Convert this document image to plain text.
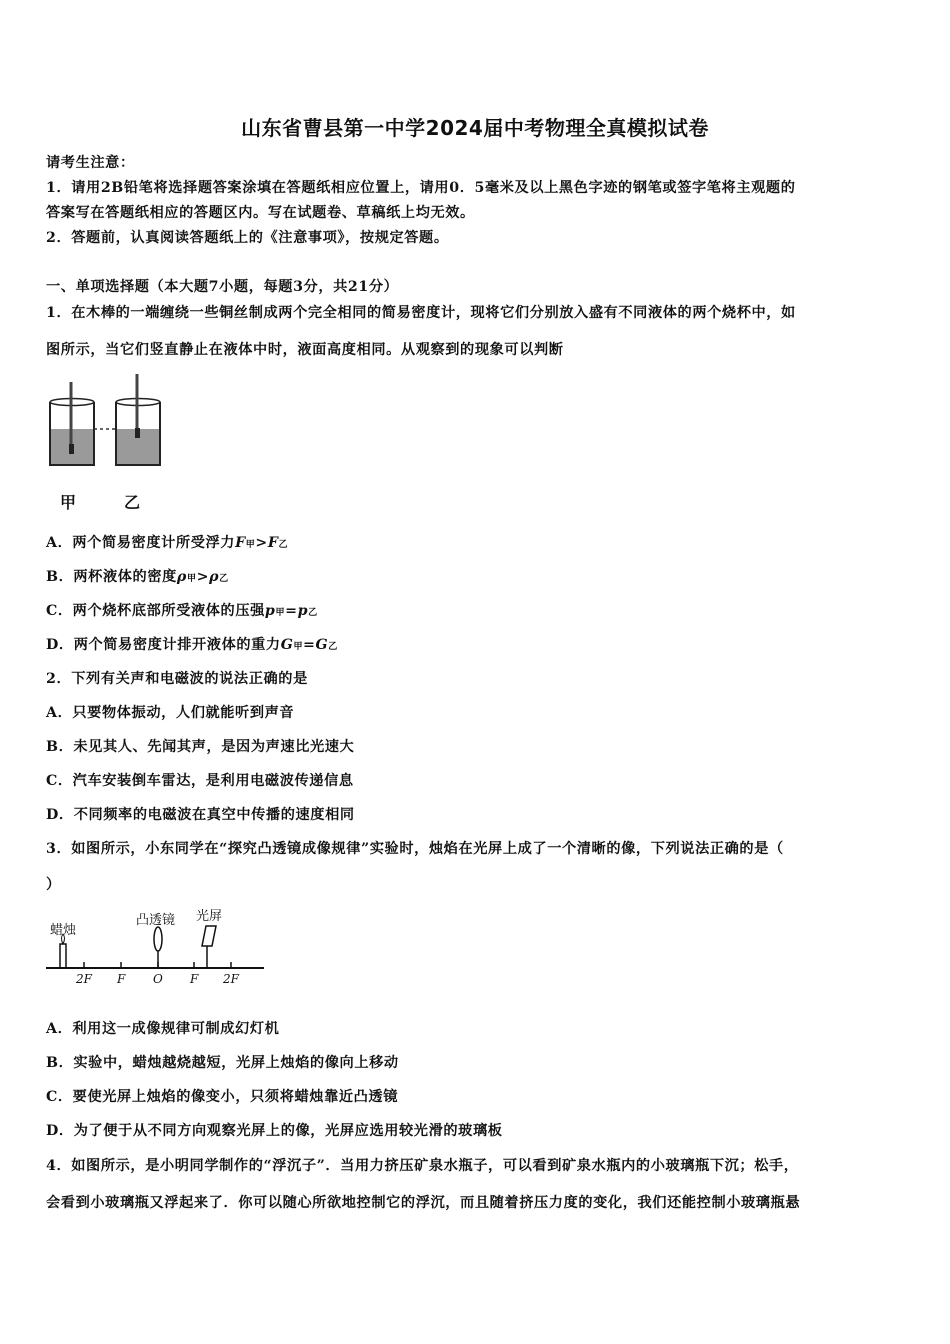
山东省曹县第一中学2024届中考物理全真模拟试卷
请考生注意：
1．请用2B铅笔将选择题答案涂填在答题纸相应位置上，请用0．5毫米及以上黑色字迹的钢笔或签字笔将主观题的
答案写在答题纸相应的答题区内。写在试题卷、草稿纸上均无效。
2．答题前，认真阅读答题纸上的《注意事项》，按规定答题。
一、单项选择题（本大题7小题，每题3分，共21分）
1．在木棒的一端缠绕一些铜丝制成两个完全相同的简易密度计，现将它们分别放入盛有不同液体的两个烧杯中，如
图所示，当它们竖直静止在液体中时，液面高度相同。从观察到的现象可以判断
甲	乙
A．两个简易密度计所受浮力F甲>F乙
B．两杯液体的密度ρ甲>ρ乙
C．两个烧杯底部所受液体的压强p甲=p乙
D．两个简易密度计排开液体的重力G甲=G乙
2．下列有关声和电磁波的说法正确的是
A．只要物体振动，人们就能听到声音
B．未见其人、先闻其声，是因为声速比光速大
C．汽车安装倒车雷达，是利用电磁波传递信息
D．不同频率的电磁波在真空中传播的速度相同
3．如图所示，小东同学在“探究凸透镜成像规律”实验时，烛焰在光屏上成了一个清晰的像，下列说法正确的是（
）
蜡烛
凸透镜 光屏
2F F O F 2F
A．利用这一成像规律可制成幻灯机
B．实验中，蜡烛越烧越短，光屏上烛焰的像向上移动
C．要使光屏上烛焰的像变小，只须将蜡烛靠近凸透镜
D．为了便于从不同方向观察光屏上的像，光屏应选用较光滑的玻璃板
4．如图所示，是小明同学制作的“浮沉子”．当用力挤压矿泉水瓶子，可以看到矿泉水瓶内的小玻璃瓶下沉；松手，
会看到小玻璃瓶又浮起来了．你可以随心所欲地控制它的浮沉，而且随着挤压力度的变化，我们还能控制小玻璃瓶悬
